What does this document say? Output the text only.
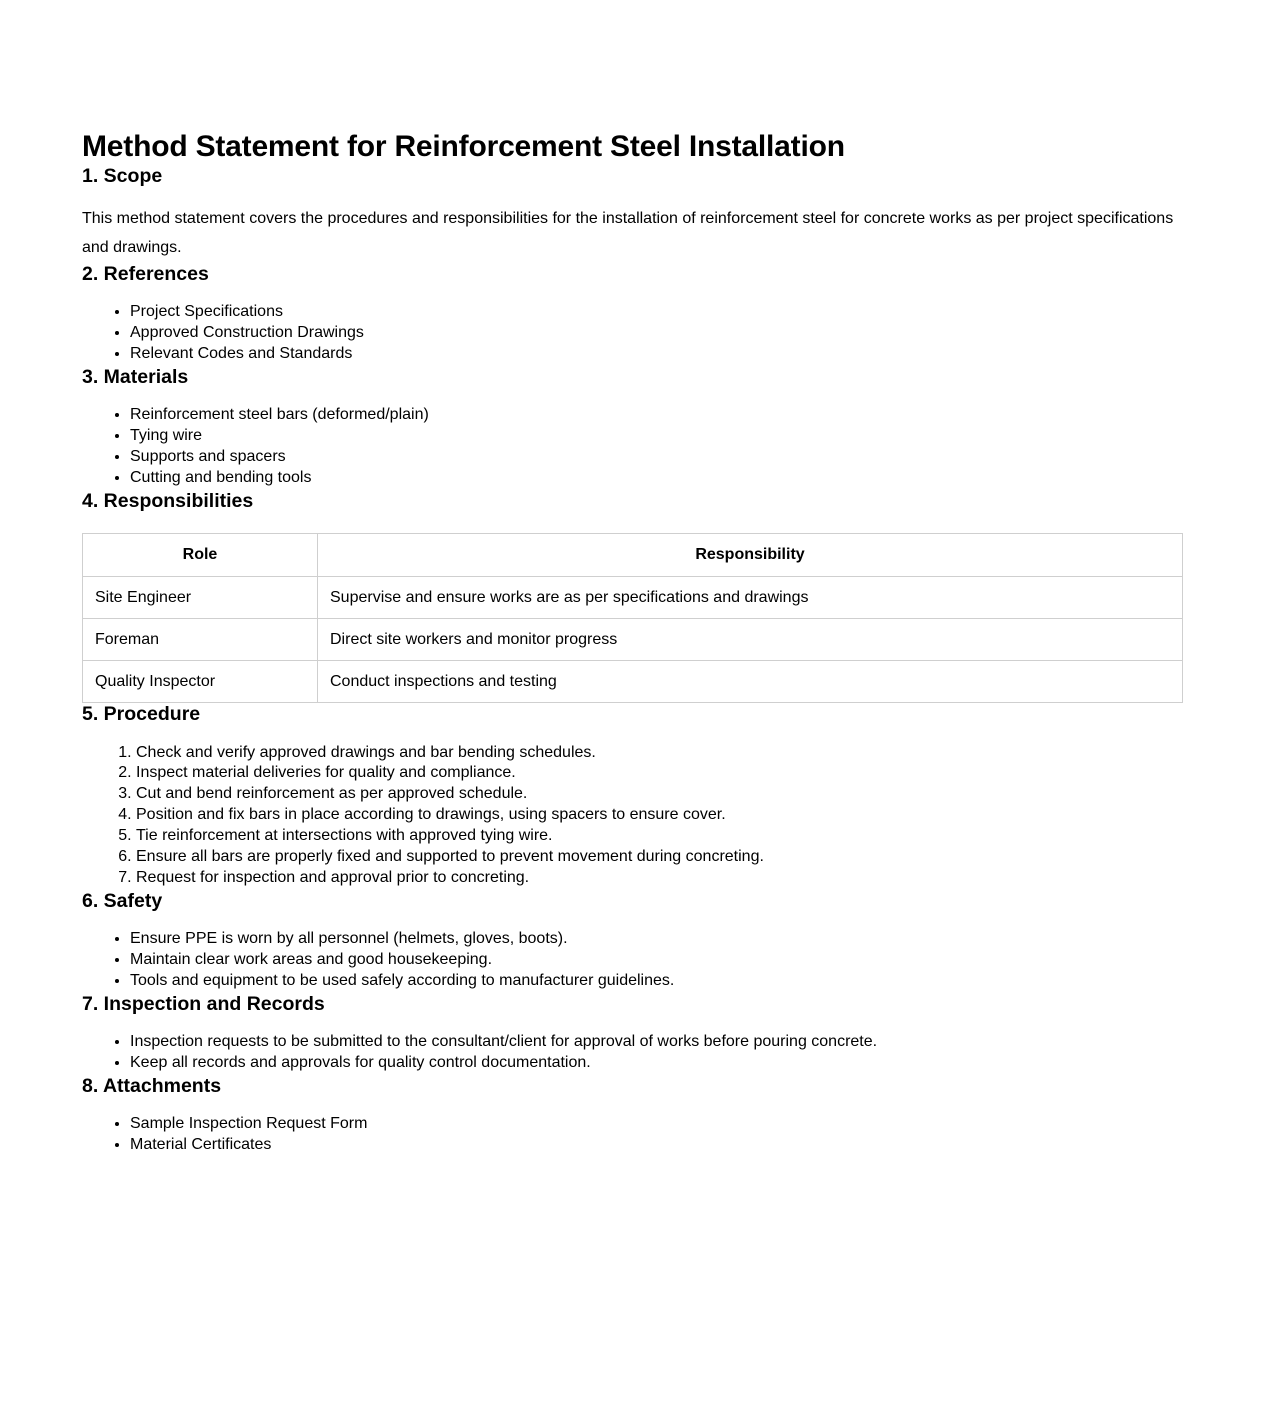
Method Statement for Reinforcement Steel Installation
1. Scope

This method statement covers the procedures and responsibilities for the installation of reinforcement steel for concrete works as per project specifications and drawings.

2. References
• Project Specifications
• Approved Construction Drawings
• Relevant Codes and Standards
3. Materials
• Reinforcement steel bars (deformed/plain)
• Tying wire
• Supports and spacers
• Cutting and bending tools
4. Responsibilities
Role	Responsibility
Site Engineer	Supervise and ensure works are as per specifications and drawings
Foreman	Direct site workers and monitor progress
Quality Inspector	Conduct inspections and testing
5. Procedure
1. Check and verify approved drawings and bar bending schedules.
2. Inspect material deliveries for quality and compliance.
3. Cut and bend reinforcement as per approved schedule.
4. Position and fix bars in place according to drawings, using spacers to ensure cover.
5. Tie reinforcement at intersections with approved tying wire.
6. Ensure all bars are properly fixed and supported to prevent movement during concreting.
7. Request for inspection and approval prior to concreting.
6. Safety
• Ensure PPE is worn by all personnel (helmets, gloves, boots).
• Maintain clear work areas and good housekeeping.
• Tools and equipment to be used safely according to manufacturer guidelines.
7. Inspection and Records
• Inspection requests to be submitted to the consultant/client for approval of works before pouring concrete.
• Keep all records and approvals for quality control documentation.
8. Attachments
• Sample Inspection Request Form
• Material Certificates
